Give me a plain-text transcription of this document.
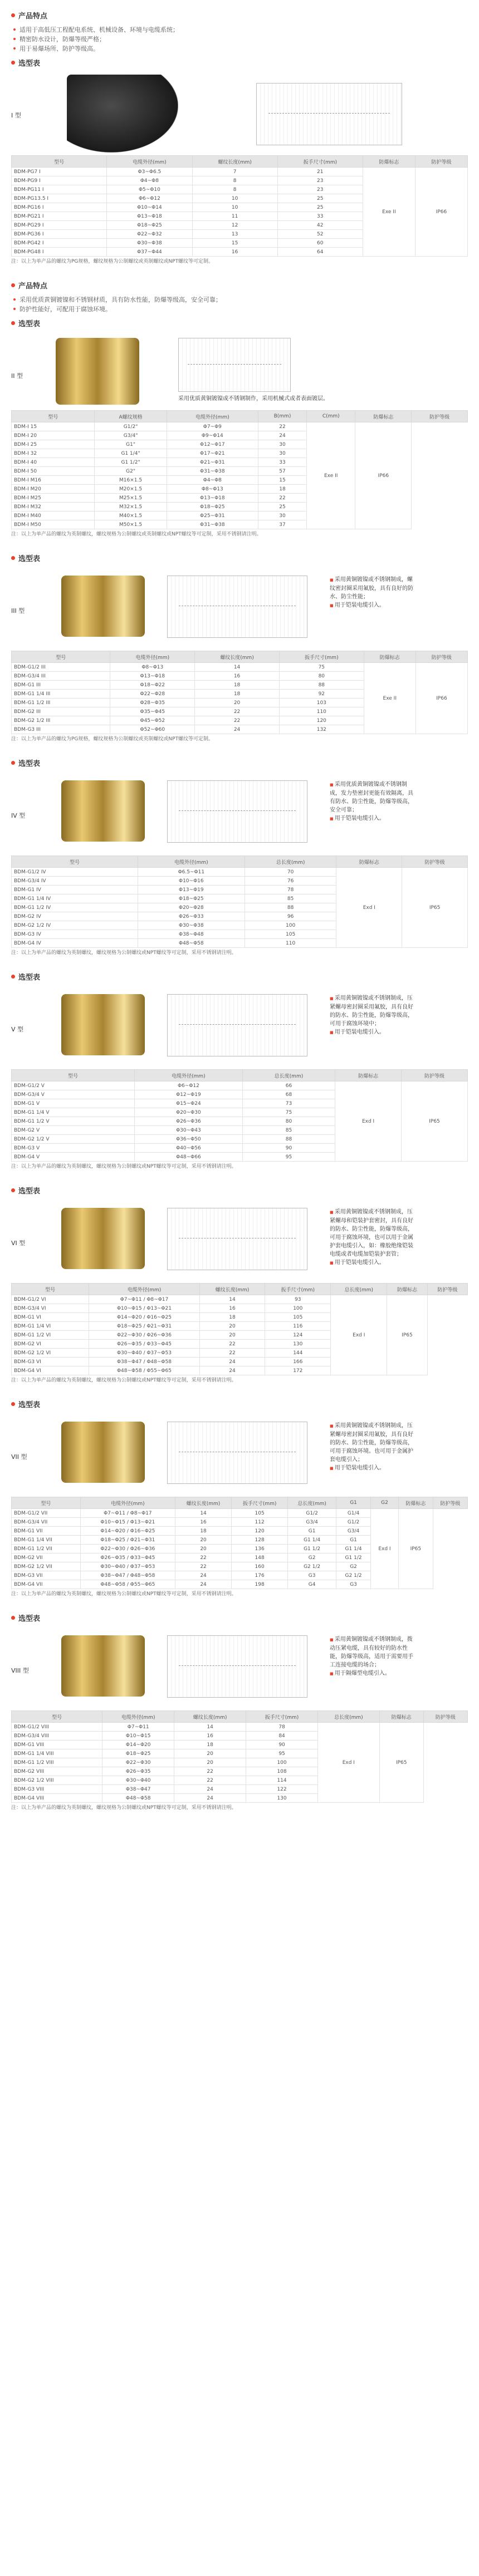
产品特点
适用于高低压工程配电系统、机械设备、环境与电缆系统；
精密防水设计，防爆等级严格；
用于易爆场所、防护等级高。
选型表
I 型
型号	电缆外径(mm)	螺纹长度(mm)	扳手尺寸(mm)	防爆标志	防护等级
BDM-PG7 I	Φ3~Φ6.5	7	21	Exe II	IP66
BDM-PG9 I	Φ4~Φ8	8	23		
BDM-PG11 I	Φ5~Φ10	8	23		
BDM-PG13.5 I	Φ6~Φ12	10	25		
BDM-PG16 I	Φ10~Φ14	10	25		
BDM-PG21 I	Φ13~Φ18	11	33		
BDM-PG29 I	Φ18~Φ25	12	42		
BDM-PG36 I	Φ22~Φ32	13	52		
BDM-PG42 I	Φ30~Φ38	15	60		
BDM-PG48 I	Φ37~Φ44	16	64		
注：以上为单产品的螺纹为PG规格，螺纹规格为公制螺纹或英制螺纹或NPT螺纹等可定制。
产品特点
采用优质黄铜镀镍和不锈钢材质，具有防水性能，防爆等级高，安全可靠；
防护性能好，可配用于腐蚀环境。
选型表
II 型
采用优质黄铜镀镍或不锈钢制作，采用机械式或者表面镀层。
型号	A螺纹规格	电缆外径(mm)	B(mm)	C(mm)	防爆标志	防护等级
BDM-I 15	G1/2"	Φ7~Φ9	22	Exe II	IP66	
BDM-I 20	G3/4"	Φ9~Φ14	24			
BDM-I 25	G1"	Φ12~Φ17	30			
BDM-I 32	G1 1/4"	Φ17~Φ21	30			
BDM-I 40	G1 1/2"	Φ21~Φ31	33			
BDM-I 50	G2"	Φ31~Φ38	57			
BDM-I M16	M16×1.5	Φ4~Φ8	15			
BDM-I M20	M20×1.5	Φ8~Φ13	18			
BDM-I M25	M25×1.5	Φ13~Φ18	22			
BDM-I M32	M32×1.5	Φ18~Φ25	25			
BDM-I M40	M40×1.5	Φ25~Φ31	30			
BDM-I M50	M50×1.5	Φ31~Φ38	37			
注：以上为单产品的螺纹为英制螺纹，螺纹规格为公制螺纹或英制螺纹或NPT螺纹等可定制，采用不锈钢请注明。
选型表
III 型
■ 采用黄铜镀镍或不锈钢制成，螺纹密封圈采用氟胶，具有良好的防水、防尘性能；
■ 用于铠装电缆引入。
型号	电缆外径(mm)	螺纹长度(mm)	扳手尺寸(mm)	防爆标志	防护等级
BDM-G1/2 III	Φ8~Φ13	14	75	Exe II	IP66
BDM-G3/4 III	Φ13~Φ18	16	80		
BDM-G1 III	Φ18~Φ22	18	88		
BDM-G1 1/4 III	Φ22~Φ28	18	92		
BDM-G1 1/2 III	Φ28~Φ35	20	103		
BDM-G2 III	Φ35~Φ45	22	110		
BDM-G2 1/2 III	Φ45~Φ52	22	120		
BDM-G3 III	Φ52~Φ60	24	132		
注：以上为单产品的螺纹为PG规格，螺纹规格为公制螺纹或英制螺纹或NPT螺纹等可定制。
选型表
IV 型
■ 采用优质黄铜镀镍或不锈钢制成，发力垫密封更能有效隔离，具有防水、防尘性能，防爆等级高，安全可靠；
■ 用于铠装电缆引入。
型号	电缆外径(mm)	总长度(mm)	防爆标志	防护等级
BDM-G1/2 IV	Φ6.5~Φ11	70	Exd I	IP65
BDM-G3/4 IV	Φ10~Φ16	76		
BDM-G1 IV	Φ13~Φ19	78		
BDM-G1 1/4 IV	Φ18~Φ25	85		
BDM-G1 1/2 IV	Φ20~Φ28	88		
BDM-G2 IV	Φ26~Φ33	96		
BDM-G2 1/2 IV	Φ30~Φ38	100		
BDM-G3 IV	Φ38~Φ48	105		
BDM-G4 IV	Φ48~Φ58	110		
注：以上为单产品的螺纹为英制螺纹，螺纹规格为公制螺纹或NPT螺纹等可定制，采用不锈钢请注明。
选型表
V 型
■ 采用黄铜镀镍或不锈钢制成，压紧螺母密封圈采用氟胶，具有良好的防水、防尘性能，防爆等级高，可用于腐蚀环境中；
■ 用于铠装电缆引入。
型号	电缆外径(mm)	总长度(mm)	防爆标志	防护等级
BDM-G1/2 V	Φ6~Φ12	66	Exd I	IP65
BDM-G3/4 V	Φ12~Φ19	68		
BDM-G1 V	Φ15~Φ24	73		
BDM-G1 1/4 V	Φ20~Φ30	75		
BDM-G1 1/2 V	Φ26~Φ36	80		
BDM-G2 V	Φ30~Φ43	85		
BDM-G2 1/2 V	Φ36~Φ50	88		
BDM-G3 V	Φ40~Φ56	90		
BDM-G4 V	Φ48~Φ66	95		
注：以上为单产品的螺纹为英制螺纹，螺纹规格为公制螺纹或NPT螺纹等可定制，采用不锈钢请注明。
选型表
VI 型
■ 采用黄铜镀镍或不锈钢制成，压紧螺母和铠装护套密封，具有良好的防水、防尘性能，防爆等级高，可用于腐蚀环境，也可以用于金属护套电缆引入，如：橡胶绝缘铠装电缆或者电缆加铠装护套管；
■ 用于铠装电缆引入。
型号	电缆外径(mm)	螺纹长度(mm)	扳手尺寸(mm)	总长度(mm)	防爆标志	防护等级
BDM-G1/2 VI	Φ7~Φ11 / Φ8~Φ17	14	93	Exd I	IP65	
BDM-G3/4 VI	Φ10~Φ15 / Φ13~Φ21	16	100			
BDM-G1 VI	Φ14~Φ20 / Φ16~Φ25	18	105			
BDM-G1 1/4 VI	Φ18~Φ25 / Φ21~Φ31	20	116			
BDM-G1 1/2 VI	Φ22~Φ30 / Φ26~Φ36	20	124			
BDM-G2 VI	Φ26~Φ35 / Φ33~Φ45	22	130			
BDM-G2 1/2 VI	Φ30~Φ40 / Φ37~Φ53	22	144			
BDM-G3 VI	Φ38~Φ47 / Φ48~Φ58	24	166			
BDM-G4 VI	Φ48~Φ58 / Φ55~Φ65	24	172			
注：以上为单产品的螺纹为英制螺纹，螺纹规格为公制螺纹或NPT螺纹等可定制，采用不锈钢请注明。
选型表
VII 型
■ 采用黄铜镀镍或不锈钢制成，压紧螺母密封圈采用氟胶，具有良好的防水、防尘性能，防爆等级高，可用于腐蚀环境。也可用于金属护套电缆引入；
■ 用于铠装电缆引入。
型号	电缆外径(mm)	螺纹长度(mm)	扳手尺寸(mm)	总长度(mm)	G1	G2	防爆标志	防护等级
BDM-G1/2 VII	Φ7~Φ11 / Φ8~Φ17	14	105	G1/2	G1/4	Exd I	IP65	
BDM-G3/4 VII	Φ10~Φ15 / Φ13~Φ21	16	112	G3/4	G1/2			
BDM-G1 VII	Φ14~Φ20 / Φ16~Φ25	18	120	G1	G3/4			
BDM-G1 1/4 VII	Φ18~Φ25 / Φ21~Φ31	20	128	G1 1/4	G1			
BDM-G1 1/2 VII	Φ22~Φ30 / Φ26~Φ36	20	136	G1 1/2	G1 1/4			
BDM-G2 VII	Φ26~Φ35 / Φ33~Φ45	22	148	G2	G1 1/2			
BDM-G2 1/2 VII	Φ30~Φ40 / Φ37~Φ53	22	160	G2 1/2	G2			
BDM-G3 VII	Φ38~Φ47 / Φ48~Φ58	24	176	G3	G2 1/2			
BDM-G4 VII	Φ48~Φ58 / Φ55~Φ65	24	198	G4	G3			
注：以上为单产品的螺纹为英制螺纹，螺纹规格为公制螺纹或NPT螺纹等可定制，采用不锈钢请注明。
选型表
VIII 型
■ 采用黄铜镀镍或不锈钢制成，拨动压紧电缆，具有较好的防水性能，防爆等级高，适用于需要用手工连接电缆的场合；
■ 用于隔爆型电缆引入。
型号	电缆外径(mm)	螺纹长度(mm)	扳手尺寸(mm)	总长度(mm)	防爆标志	防护等级
BDM-G1/2 VIII	Φ7~Φ11	14	78	Exd I	IP65	
BDM-G3/4 VIII	Φ10~Φ15	16	84			
BDM-G1 VIII	Φ14~Φ20	18	90			
BDM-G1 1/4 VIII	Φ18~Φ25	20	95			
BDM-G1 1/2 VIII	Φ22~Φ30	20	100			
BDM-G2 VIII	Φ26~Φ35	22	108			
BDM-G2 1/2 VIII	Φ30~Φ40	22	114			
BDM-G3 VIII	Φ38~Φ47	24	122			
BDM-G4 VIII	Φ48~Φ58	24	130			
注：以上为单产品的螺纹为英制螺纹，螺纹规格为公制螺纹或NPT螺纹等可定制，采用不锈钢请注明。
